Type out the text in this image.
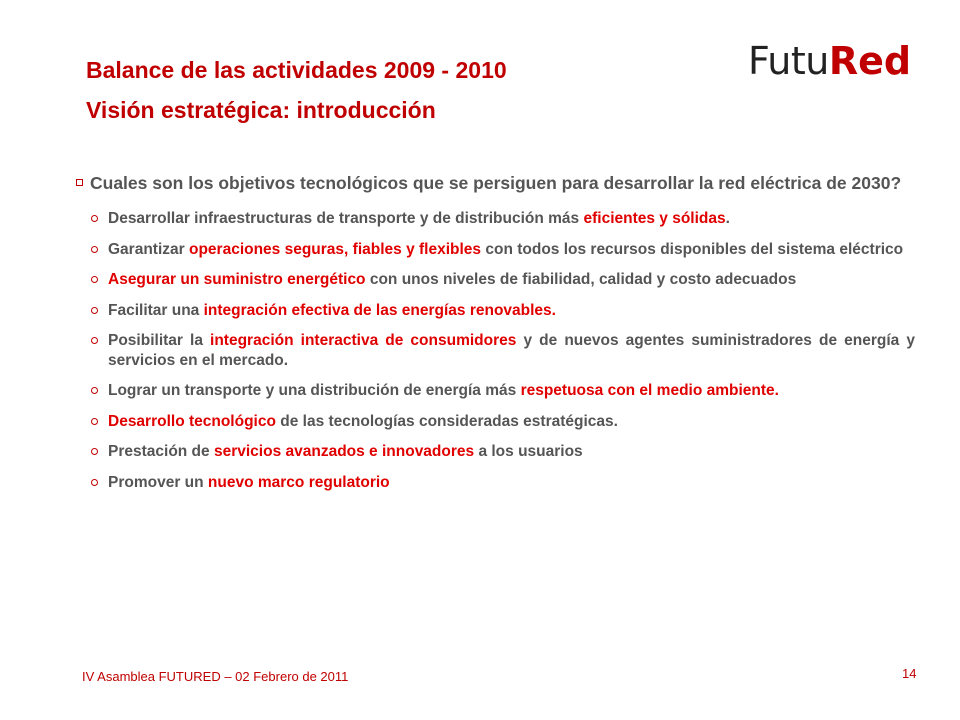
Balance de las actividades 2009 - 2010
Visión estratégica: introducción
FutuRed
Cuales son los objetivos tecnológicos que se persiguen para desarrollar la red eléctrica de 2030?
Desarrollar infraestructuras de transporte y de distribución más eficientes y sólidas.
Garantizar operaciones seguras, fiables y flexibles con todos los recursos disponibles del sistema eléctrico
Asegurar un suministro energético con unos niveles de fiabilidad, calidad y costo adecuados
Facilitar una integración efectiva de las energías renovables.
Posibilitar la integración interactiva de consumidores y de nuevos agentes suministradores de energía y servicios en el mercado.
Lograr un transporte y una distribución de energía más respetuosa con el medio ambiente.
Desarrollo tecnológico de las tecnologías consideradas estratégicas.
Prestación de servicios avanzados e innovadores a los usuarios
Promover un nuevo marco regulatorio
IV Asamblea FUTURED – 02 Febrero de 2011	14
